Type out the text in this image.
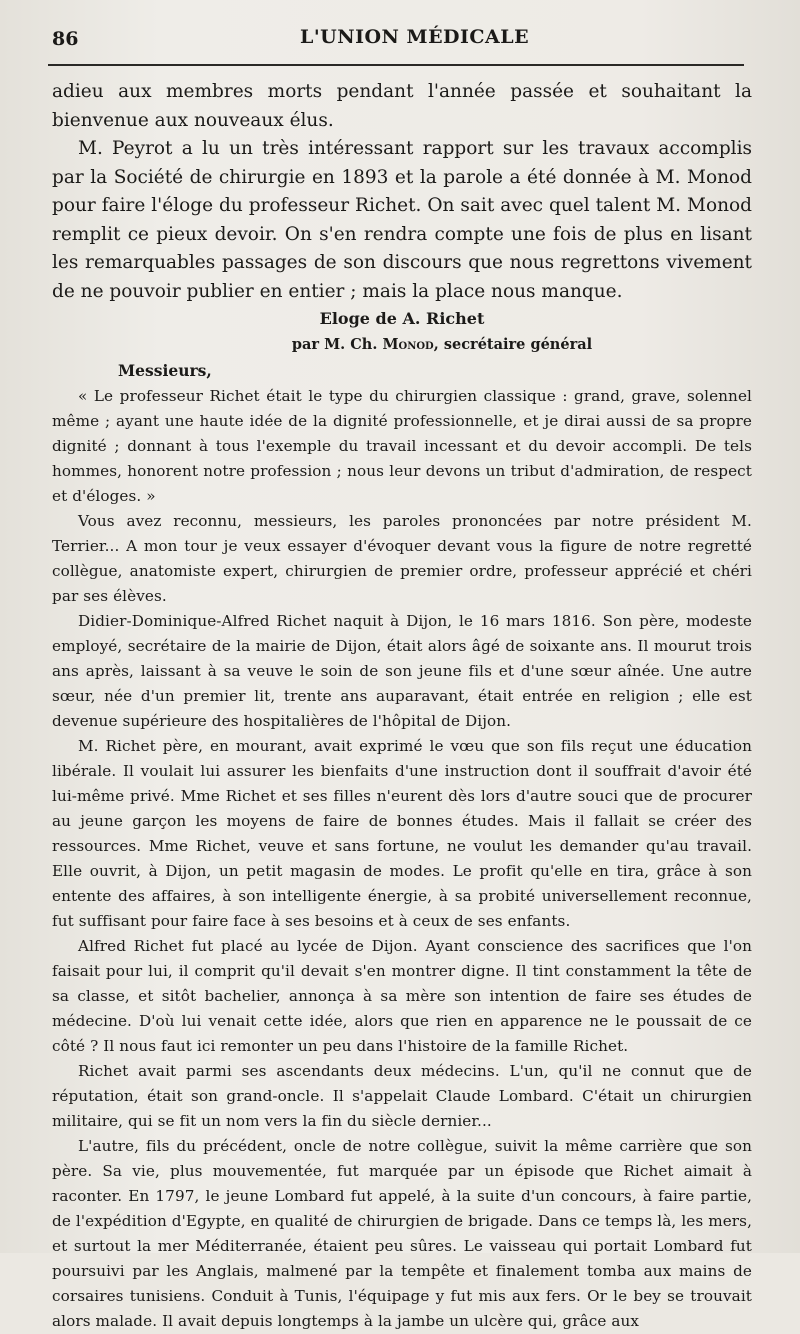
86	L'UNION MÉDICALE

adieu aux membres morts pendant l'année passée et souhaitant la bienvenue aux nouveaux élus.

M. Peyrot a lu un très intéressant rapport sur les travaux accomplis par la Société de chirurgie en 1893 et la parole a été donnée à M. Monod pour faire l'éloge du professeur Richet. On sait avec quel talent M. Monod remplit ce pieux devoir. On s'en rendra compte une fois de plus en lisant les remarquables passages de son discours que nous regrettons vivement de ne pouvoir publier en entier ; mais la place nous manque.

Eloge de A. Richet
par M. Ch. Monod, secrétaire général
Messieurs,

« Le professeur Richet était le type du chirurgien classique : grand, grave, solennel même ; ayant une haute idée de la dignité professionnelle, et je dirai aussi de sa propre dignité ; donnant à tous l'exemple du travail incessant et du devoir accompli. De tels hommes, honorent notre profession ; nous leur devons un tribut d'admiration, de respect et d'éloges. »

Vous avez reconnu, messieurs, les paroles prononcées par notre président M. Terrier... A mon tour je veux essayer d'évoquer devant vous la figure de notre regretté collègue, anatomiste expert, chirurgien de premier ordre, professeur apprécié et chéri par ses élèves.

Didier-Dominique-Alfred Richet naquit à Dijon, le 16 mars 1816. Son père, modeste employé, secrétaire de la mairie de Dijon, était alors âgé de soixante ans. Il mourut trois ans après, laissant à sa veuve le soin de son jeune fils et d'une sœur aînée. Une autre sœur, née d'un premier lit, trente ans auparavant, était entrée en religion ; elle est devenue supérieure des hospitalières de l'hôpital de Dijon.

M. Richet père, en mourant, avait exprimé le vœu que son fils reçut une éducation libérale. Il voulait lui assurer les bienfaits d'une instruction dont il souffrait d'avoir été lui-même privé. Mme Richet et ses filles n'eurent dès lors d'autre souci que de procurer au jeune garçon les moyens de faire de bonnes études. Mais il fallait se créer des ressources. Mme Richet, veuve et sans fortune, ne voulut les demander qu'au travail. Elle ouvrit, à Dijon, un petit magasin de modes. Le profit qu'elle en tira, grâce à son entente des affaires, à son intelligente énergie, à sa probité universellement reconnue, fut suffisant pour faire face à ses besoins et à ceux de ses enfants.

Alfred Richet fut placé au lycée de Dijon. Ayant conscience des sacrifices que l'on faisait pour lui, il comprit qu'il devait s'en montrer digne. Il tint constamment la tête de sa classe, et sitôt bachelier, annonça à sa mère son intention de faire ses études de médecine. D'où lui venait cette idée, alors que rien en apparence ne le poussait de ce côté ? Il nous faut ici remonter un peu dans l'histoire de la famille Richet.

Richet avait parmi ses ascendants deux médecins. L'un, qu'il ne connut que de réputation, était son grand-oncle. Il s'appelait Claude Lombard. C'était un chirurgien militaire, qui se fit un nom vers la fin du siècle dernier...

L'autre, fils du précédent, oncle de notre collègue, suivit la même carrière que son père. Sa vie, plus mouvementée, fut marquée par un épisode que Richet aimait à raconter. En 1797, le jeune Lombard fut appelé, à la suite d'un concours, à faire partie, de l'expédition d'Egypte, en qualité de chirurgien de brigade. Dans ce temps là, les mers, et surtout la mer Méditerranée, étaient peu sûres. Le vaisseau qui portait Lombard fut poursuivi par les Anglais, malmené par la tempête et finalement tomba aux mains de corsaires tunisiens. Conduit à Tunis, l'équipage y fut mis aux fers. Or le bey se trouvait alors malade. Il avait depuis longtemps à la jambe un ulcère qui, grâce aux
